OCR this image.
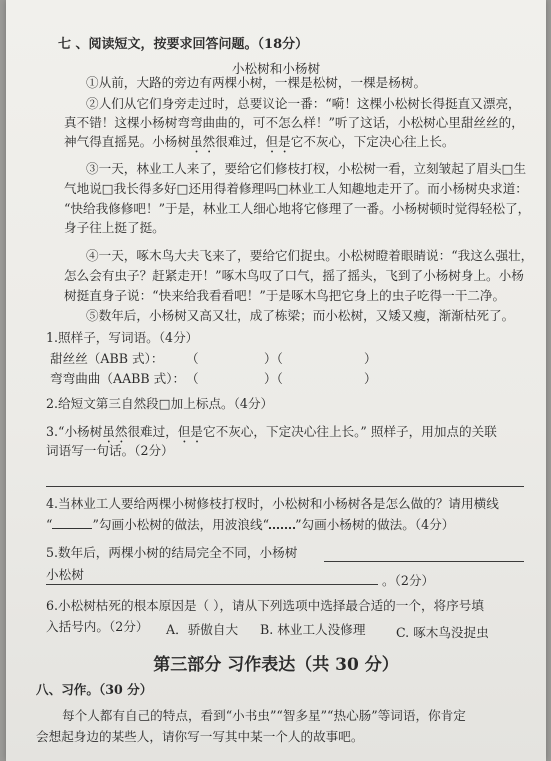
七 、阅读短文，按要求回答问题。（18分）
小松树和小杨树
①从前，大路的旁边有两棵小树，一棵是松树，一棵是杨树。
②人们从它们身旁走过时，总要议论一番：“嗬！这棵小松树长得挺直又漂亮，
真不错！这棵小杨树弯弯曲曲的，可不怎么样！”听了这话，小松树心里甜丝丝的，
神气得直摇晃。小杨树虽然很难过，但是它不灰心，下定决心往上长。
③一天，林业工人来了，要给它们修枝打杈，小松树一看，立刻皱起了眉头□生
气地说□我长得多好□还用得着修理吗□林业工人知趣地走开了。而小杨树央求道：
“快给我修修吧！”于是，林业工人细心地将它修理了一番。小杨树顿时觉得轻松了，
身子往上挺了挺。
④一天，啄木鸟大夫飞来了，要给它们捉虫。小松树瞪着眼睛说：“我这么强壮，
怎么会有虫子？赶紧走开！”啄木鸟叹了口气，摇了摇头，飞到了小杨树身上。小杨
树挺直身子说：“快来给我看看吧！”于是啄木鸟把它身上的虫子吃得一干二净。
⑤数年后，小杨树又高又壮，成了栋梁；而小松树，又矮又瘦，渐渐枯死了。
1.照样子，写词语。（4分）
甜丝丝（ABB 式）： （	）（	）
弯弯曲曲（AABB 式）： （	）（	）
2.给短文第三自然段□加上标点。（4分）
3.“小杨树虽然很难过，但是它不灰心，下定决心往上长。” 照样子，用加点的关联
词语写一句话。（2分）
4.当林业工人要给两棵小树修枝打杈时，小松树和小杨树各是怎么做的？请用横线
“	”勾画小松树的做法，用波浪线“ ”勾画小杨树的做法。（4分）
5.数年后，两棵小树的结局完全不同，小杨树
小松树	。（2分）
6.小松树枯死的根本原因是（ ），请从下列选项中选择最合适的一个，将序号填
入括号内。（2分） A．骄傲自大 B. 林业工人没修理 C. 啄木鸟没捉虫
第三部分 习作表达（共 30 分）
八、习作。（30 分）
每个人都有自己的特点，看到“小书虫”“智多星”“热心肠”等词语，你肯定
会想起身边的某些人，请你写一写其中某一个人的故事吧。
